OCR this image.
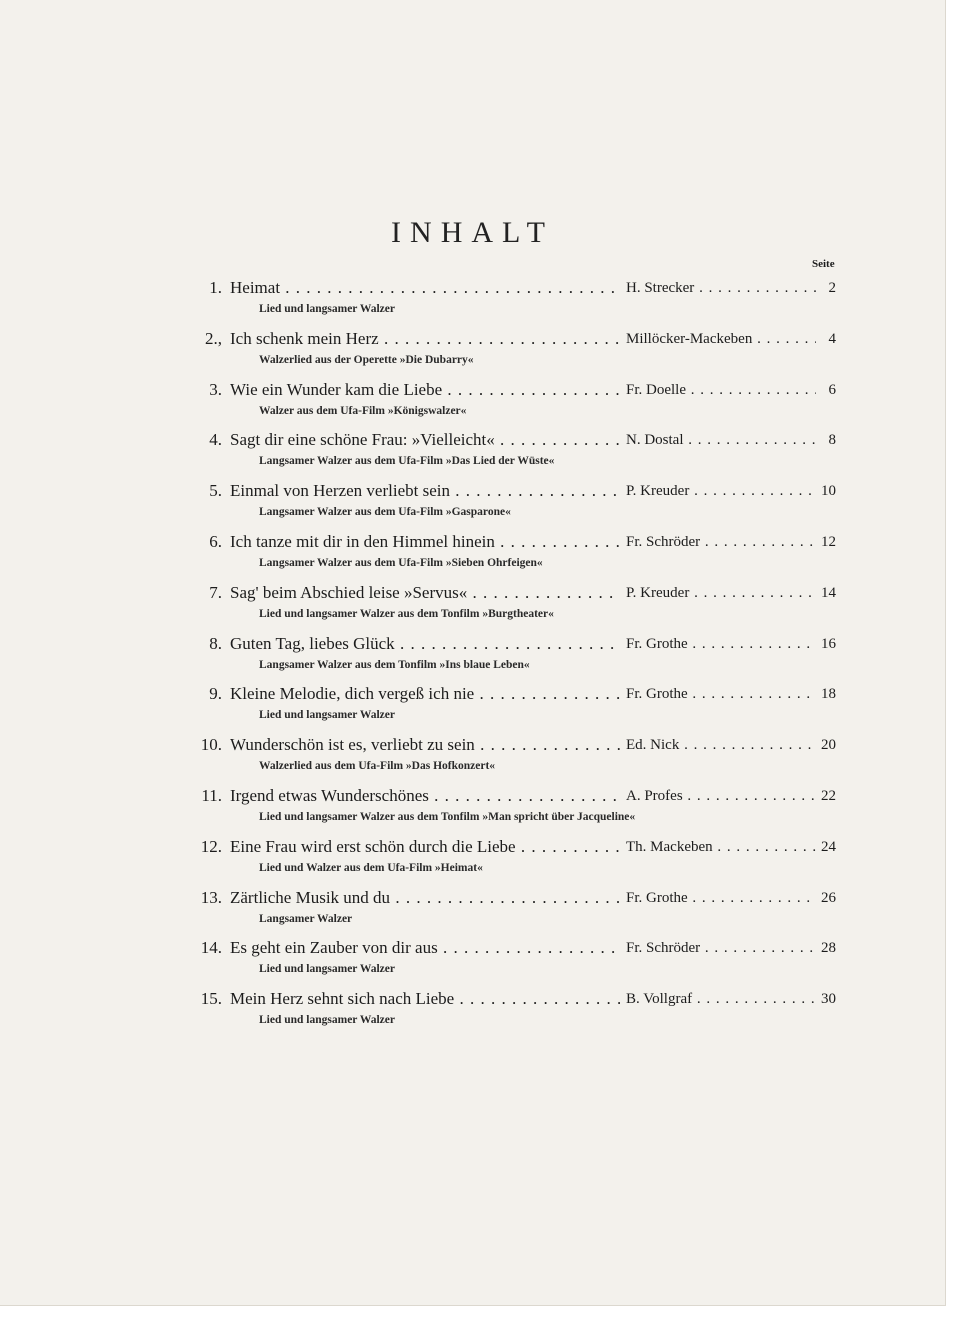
INHALT
Seite
1. Heimat . . .	H. Strecker . . .	2
Lied und langsamer Walzer
2., Ich schenk mein Herz . . .	Millöcker-Mackeben . . .	4
Walzerlied aus der Operette »Die Dubarry«
3. Wie ein Wunder kam die Liebe . . .	Fr. Doelle . . .	6
Walzer aus dem Ufa-Film »Königswalzer«
4. Sagt dir eine schöne Frau: »Vielleicht« . . .	N. Dostal . . .	8
Langsamer Walzer aus dem Ufa-Film »Das Lied der Wüste«
5. Einmal von Herzen verliebt sein . . .	P. Kreuder . . .	10
Langsamer Walzer aus dem Ufa-Film »Gasparone«
6. Ich tanze mit dir in den Himmel hinein . . .	Fr. Schröder . . .	12
Langsamer Walzer aus dem Ufa-Film »Sieben Ohrfeigen«
7. Sag' beim Abschied leise »Servus« . . .	P. Kreuder . . .	14
Lied und langsamer Walzer aus dem Tonfilm »Burgtheater«
8. Guten Tag, liebes Glück . . .	Fr. Grothe . . .	16
Langsamer Walzer aus dem Tonfilm »Ins blaue Leben«
9. Kleine Melodie, dich vergeß ich nie . . .	Fr. Grothe . . .	18
Lied und langsamer Walzer
10. Wunderschön ist es, verliebt zu sein . . .	Ed. Nick . . .	20
Walzerlied aus dem Ufa-Film »Das Hofkonzert«
11. Irgend etwas Wunderschönes . . .	A. Profes . . .	22
Lied und langsamer Walzer aus dem Tonfilm »Man spricht über Jacqueline«
12. Eine Frau wird erst schön durch die Liebe . . .	Th. Mackeben . . .	24
Lied und Walzer aus dem Ufa-Film »Heimat«
13. Zärtliche Musik und du . . .	Fr. Grothe . . .	26
Langsamer Walzer
14. Es geht ein Zauber von dir aus . . .	Fr. Schröder . . .	28
Lied und langsamer Walzer
15. Mein Herz sehnt sich nach Liebe . . .	B. Vollgraf . . .	30
Lied und langsamer Walzer
